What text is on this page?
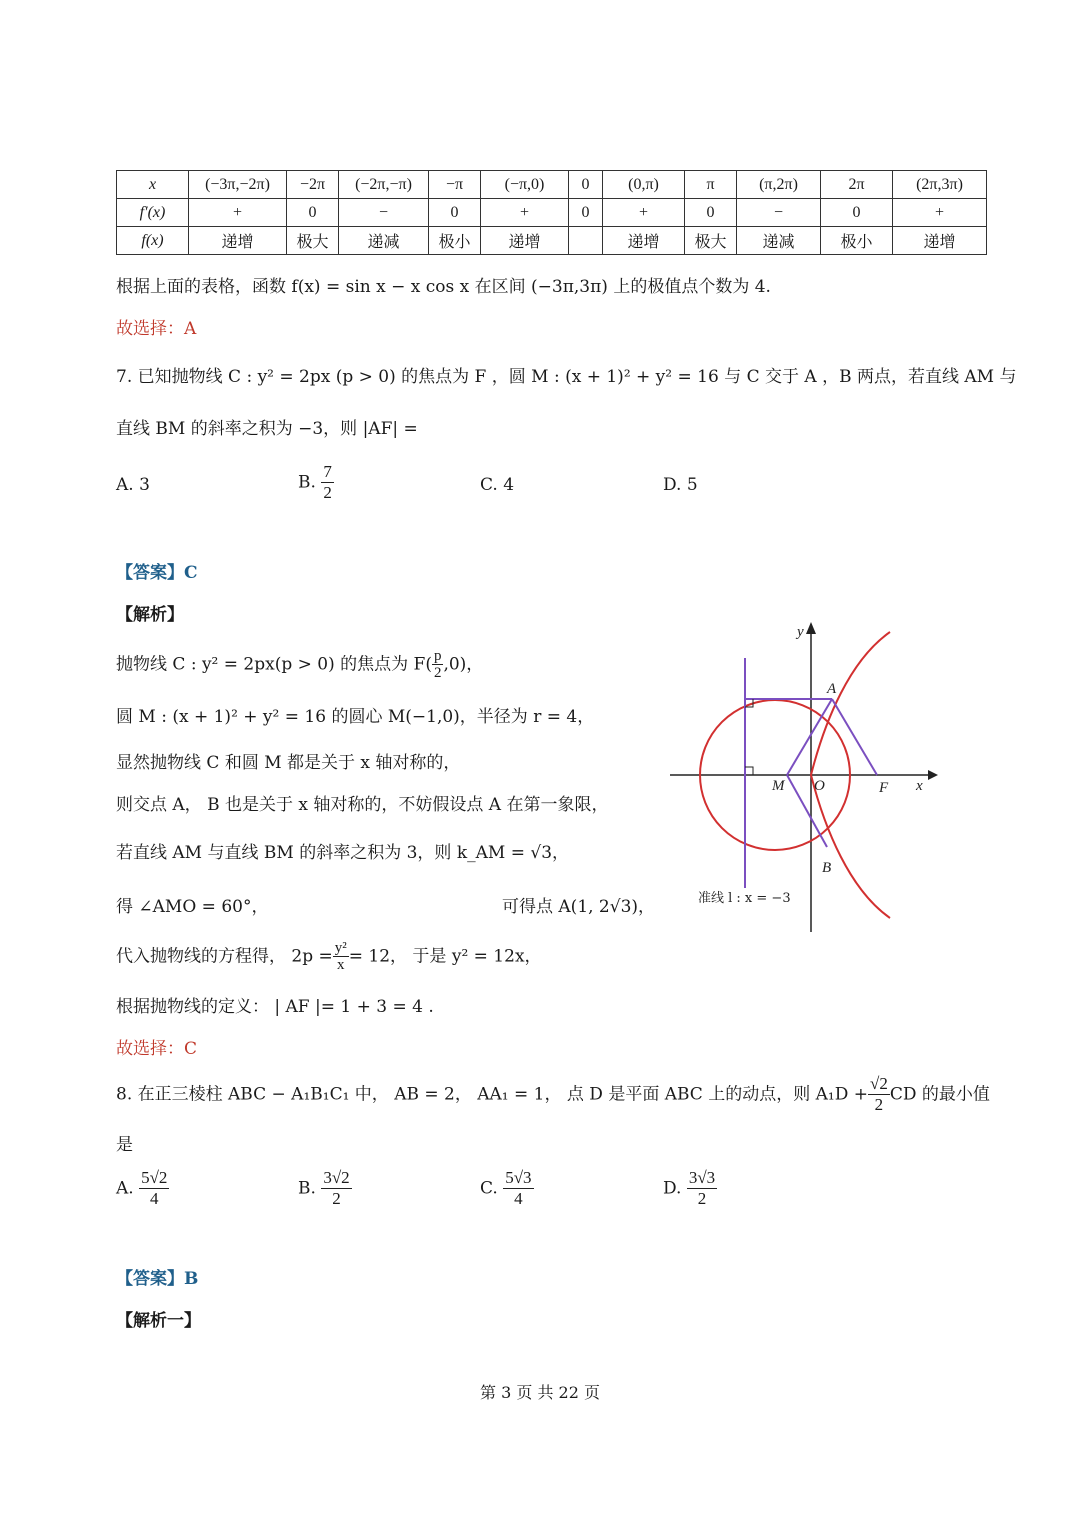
x	(−3π,−2π)	−2π	(−2π,−π)	−π	(−π,0)	0	(0,π)	π	(π,2π)	2π	(2π,3π)
f′(x)	+	0	−	0	+	0	+	0	−	0	+
f(x)	递增	极大	递减	极小	递增		递增	极大	递减	极小	递增
根据上面的表格，函数 f(x) = sin x − x cos x 在区间 (−3π,3π) 上的极值点个数为 4.
故选择：A
7. 已知抛物线 C : y² = 2px (p > 0) 的焦点为 F ，圆 M : (x + 1)² + y² = 16 与 C 交于 A ，B 两点，若直线 AM 与
直线 BM 的斜率之积为 −3，则 |AF| =
A. 3	B. $\frac{7}{2}$	C. 4	D. 5
【答案】C
【解析】
抛物线 C : y² = 2px(p > 0) 的焦点为 $F( \frac{p}{2} ,0)$，
圆 M : (x + 1)² + y² = 16 的圆心 M(−1,0)，半径为 r = 4，
显然抛物线 C 和圆 M 都是关于 x 轴对称的，
则交点 A， B 也是关于 x 轴对称的，不妨假设点 A 在第一象限，
若直线 AM 与直线 BM 的斜率之积为 3，则 k_AM = √3，
得 ∠AMO = 60°，	可得点 A(1, 2√3)，
代入抛物线的方程得， $2p = \frac{\text{y²}}{x} = 12$， 于是 y² = 12x，
根据抛物线的定义： | AF |= 1 + 3 = 4 .
故选择：C
y
x
A
B
M O	F
准线 l : x = −3
8. 在正三棱柱 ABC − A₁B₁C₁ 中， AB = 2， AA₁ = 1， 点 D 是平面 ABC 上的动点，则 $A_1D + \frac{√2}{2}$ CD 的最小值
是
A. $\frac{5√2}{4}$	B. $\frac{3√2}{2}$	C. $\frac{5√3}{4}$	D. $\frac{3√3}{2}$
【答案】B
【解析一】
第 3 页 共 22 页
